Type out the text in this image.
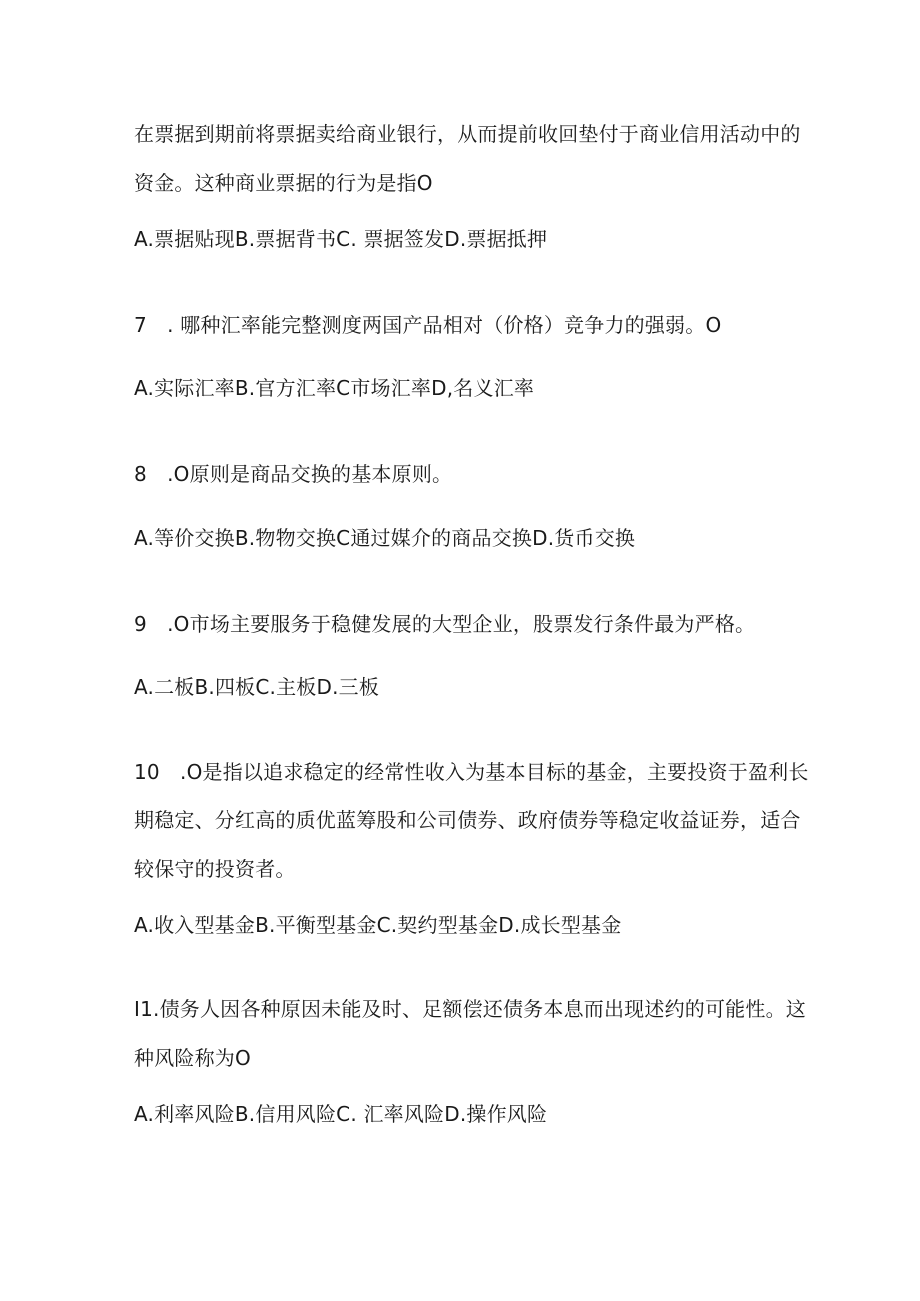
在票据到期前将票据卖给商业银行，从而提前收回垫付于商业信用活动中的
资金。这种商业票据的行为是指O
A.票据贴现B.票据背书C. 票据签发D.票据抵押
7　. 哪种汇率能完整测度两国产品相对（价格）竞争力的强弱。O
A.实际汇率B.官方汇率C市场汇率D,名义汇率
8　.O原则是商品交换的基本原则。
A.等价交换B.物物交换C通过媒介的商品交换D.货币交换
9　.O市场主要服务于稳健发展的大型企业，股票发行条件最为严格。
A.二板B.四板C.主板D.三板
10　.O是指以追求稳定的经常性收入为基本目标的基金，主要投资于盈利长
期稳定、分红高的质优蓝筹股和公司债券、政府债券等稳定收益证券，适合
较保守的投资者。
A.收入型基金B.平衡型基金C.契约型基金D.成长型基金
I1.债务人因各种原因未能及时、足额偿还债务本息而出现述约的可能性。这
种风险称为O
A.利率风险B.信用风险C. 汇率风险D.操作风险
